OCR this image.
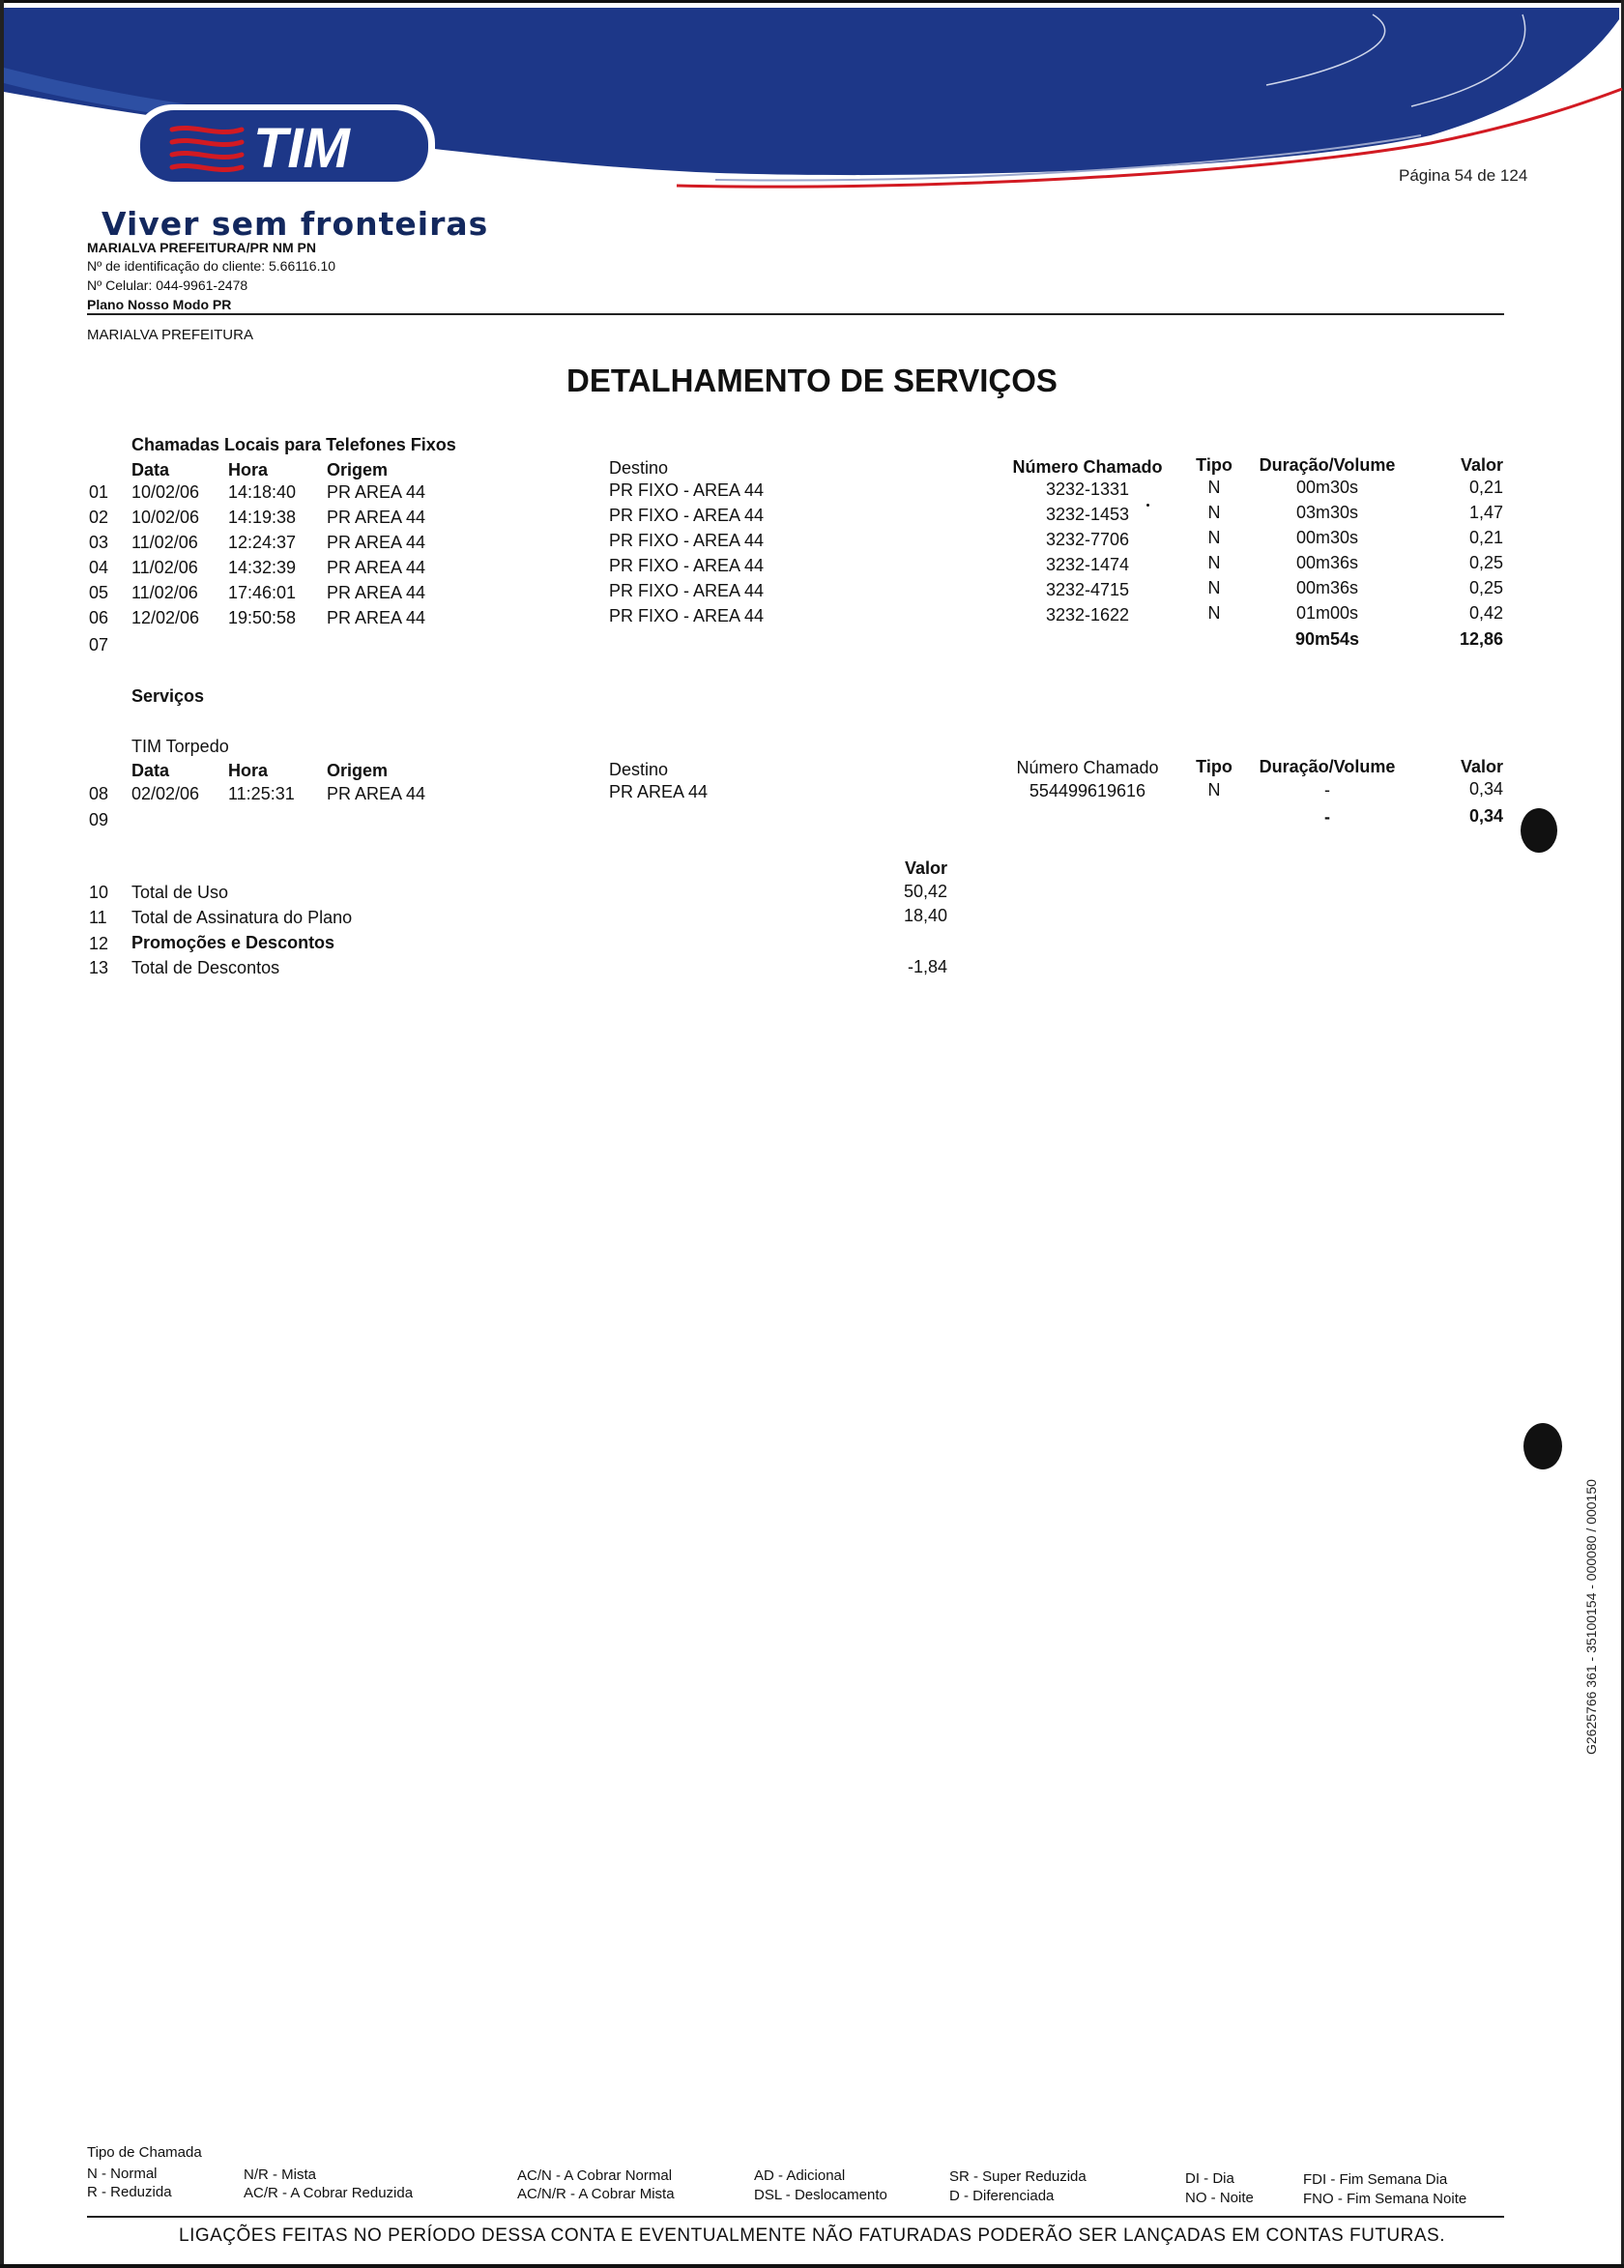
TIM	Página 54 de 124
Viver sem fronteiras
MARIALVA PREFEITURA/PR NM PN
Nº de identificação do cliente: 5.66116.10
Nº Celular: 044-9961-2478
Plano Nosso Modo PR
MARIALVA PREFEITURA
DETALHAMENTO DE SERVIÇOS
Chamadas Locais para Telefones Fixos
Data	Hora	Origem	Destino	Número Chamado	Tipo	Duração/Volume	Valor
01 10/02/06 14:18:40 PR AREA 44	PR FIXO - AREA 44	3232-1331	N	00m30s	0,21
02 10/02/06 14:19:38 PR AREA 44	PR FIXO - AREA 44	3232-1453	N	03m30s	1,47
03 11/02/06 12:24:37 PR AREA 44	PR FIXO - AREA 44	3232-7706	N	00m30s	0,21
04 11/02/06 14:32:39 PR AREA 44	PR FIXO - AREA 44	3232-1474	N	00m36s	0,25
05 11/02/06 17:46:01 PR AREA 44	PR FIXO - AREA 44	3232-4715	N	00m36s	0,25
06 12/02/06 19:50:58 PR AREA 44	PR FIXO - AREA 44	3232-1622	N	01m00s	0,42
07	90m54s	12,86
Serviços
TIM Torpedo
Data	Hora	Origem	Destino	Número Chamado	Tipo	Duração/Volume	Valor
08 02/02/06 11:25:31 PR AREA 44	PR AREA 44	554499619616	N	-	0,34
09	-	0,34
Valor
10 Total de Uso	50,42
11 Total de Assinatura do Plano	18,40
12 Promoções e Descontos
13 Total de Descontos	-1,84
G2625766 361 - 35100154 - 000080 / 000150
Tipo de Chamada
N - Normal
R - Reduzida
N/R - Mista
AC/R - A Cobrar Reduzida
AC/N - A Cobrar Normal
AC/N/R - A Cobrar Mista
AD - Adicional
DSL - Deslocamento
SR - Super Reduzida
D - Diferenciada
DI - Dia
NO - Noite
FDI - Fim Semana Dia
FNO - Fim Semana Noite
LIGAÇÕES FEITAS NO PERÍODO DESSA CONTA E EVENTUALMENTE NÃO FATURADAS PODERÃO SER LANÇADAS EM CONTAS FUTURAS.
